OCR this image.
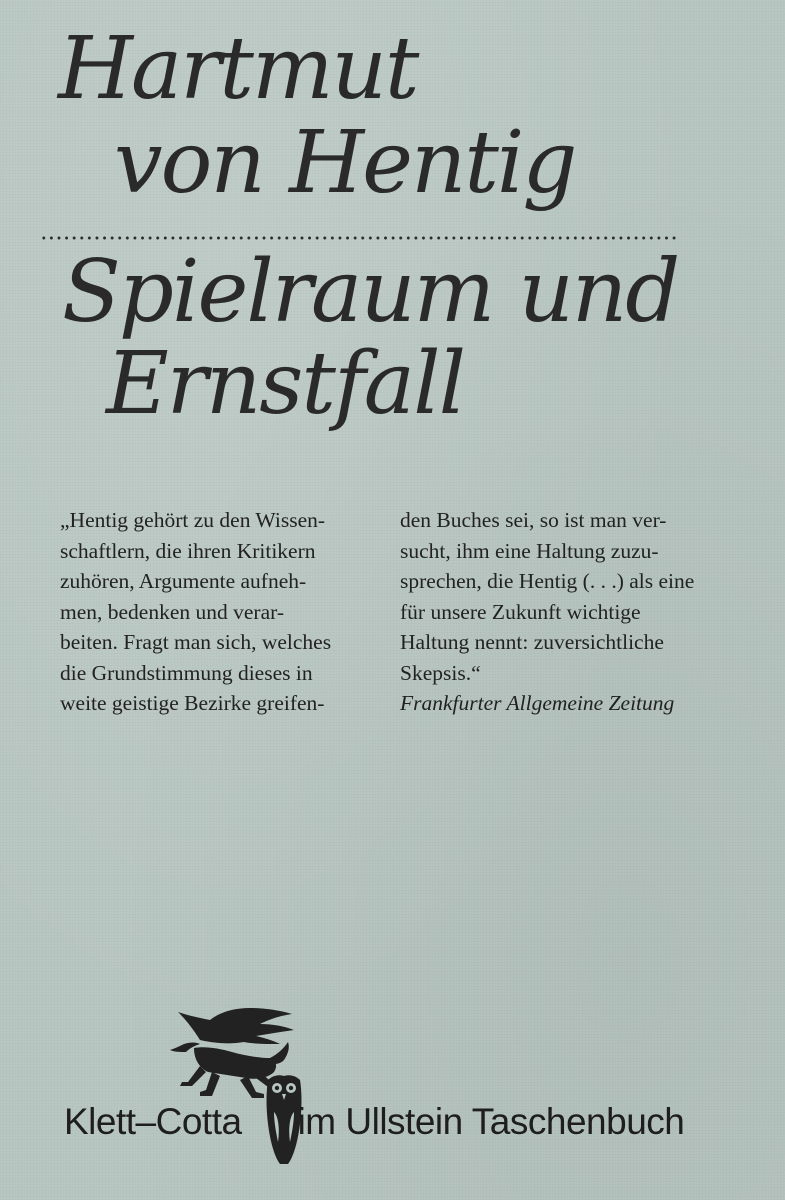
Hartmut
von Hentig
Spielraum und
Ernstfall
„Hentig gehört zu den Wissen-
schaftlern, die ihren Kritikern
zuhören, Argumente aufneh-
men, bedenken und verar-
beiten. Fragt man sich, welches
die Grundstimmung dieses in
weite geistige Bezirke greifen-
den Buches sei, so ist man ver-
sucht, ihm eine Haltung zuzu-
sprechen, die Hentig (. . .) als eine
für unsere Zukunft wichtige
Haltung nennt: zuversichtliche
Skepsis.“
Frankfurter Allgemeine Zeitung
Klett–Cotta im Ullstein Taschenbuch
